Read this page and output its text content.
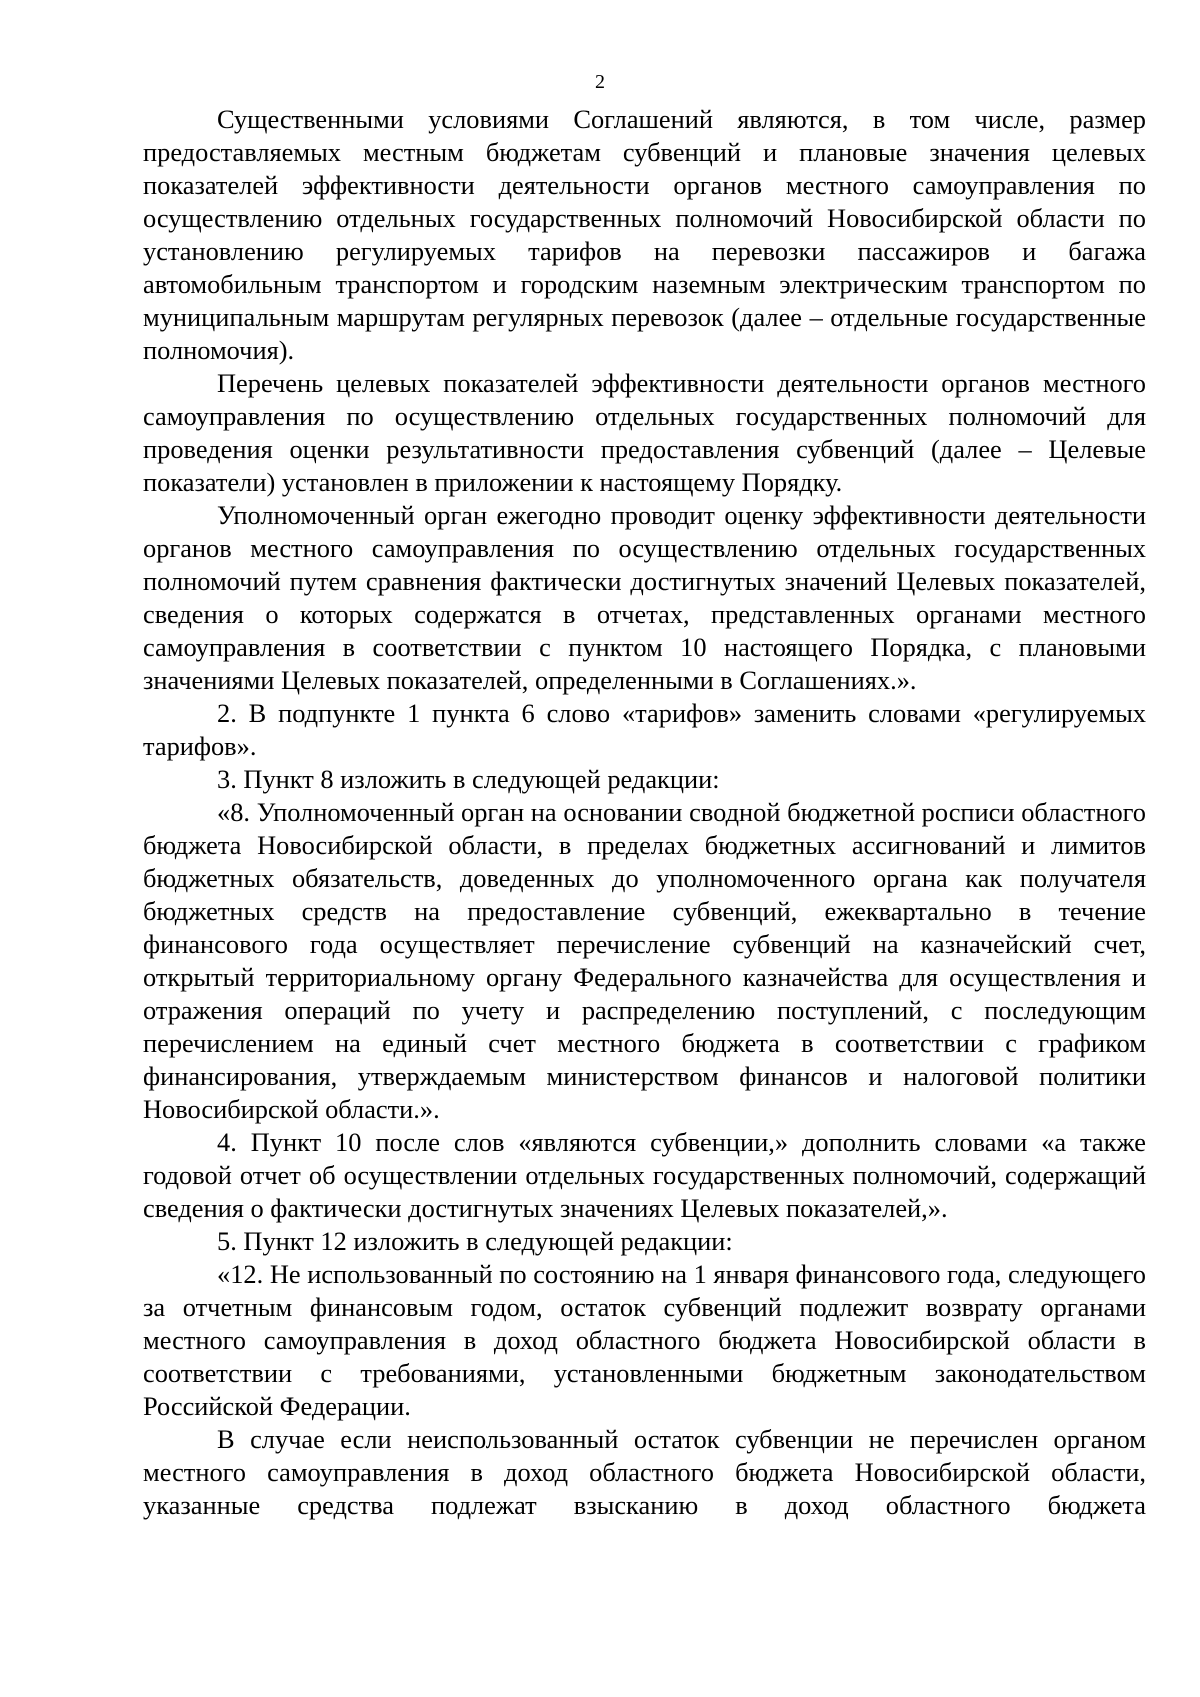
2

Существенными условиями Соглашений являются, в том числе, размер предоставляемых местным бюджетам субвенций и плановые значения целевых показателей эффективности деятельности органов местного самоуправления по осуществлению отдельных государственных полномочий Новосибирской области по установлению регулируемых тарифов на перевозки пассажиров и багажа автомобильным транспортом и городским наземным электрическим транспортом по муниципальным маршрутам регулярных перевозок (далее – отдельные государственные полномочия).

Перечень целевых показателей эффективности деятельности органов местного самоуправления по осуществлению отдельных государственных полномочий для проведения оценки результативности предоставления субвенций (далее – Целевые показатели) установлен в приложении к настоящему Порядку.

Уполномоченный орган ежегодно проводит оценку эффективности деятельности органов местного самоуправления по осуществлению отдельных государственных полномочий путем сравнения фактически достигнутых значений Целевых показателей, сведения о которых содержатся в отчетах, представленных органами местного самоуправления в соответствии с пунктом 10 настоящего Порядка, с плановыми значениями Целевых показателей, определенными в Соглашениях.».

2. В подпункте 1 пункта 6 слово «тарифов» заменить словами «регулируемых тарифов».

3. Пункт 8 изложить в следующей редакции:

«8. Уполномоченный орган на основании сводной бюджетной росписи областного бюджета Новосибирской области, в пределах бюджетных ассигнований и лимитов бюджетных обязательств, доведенных до уполномоченного органа как получателя бюджетных средств на предоставление субвенций, ежеквартально в течение финансового года осуществляет перечисление субвенций на казначейский счет, открытый территориальному органу Федерального казначейства для осуществления и отражения операций по учету и распределению поступлений, с последующим перечислением на единый счет местного бюджета в соответствии с графиком финансирования, утверждаемым министерством финансов и налоговой политики Новосибирской области.».

4. Пункт 10 после слов «являются субвенции,» дополнить словами «а также годовой отчет об осуществлении отдельных государственных полномочий, содержащий сведения о фактически достигнутых значениях Целевых показателей,».

5. Пункт 12 изложить в следующей редакции:

«12. Не использованный по состоянию на 1 января финансового года, следующего за отчетным финансовым годом, остаток субвенций подлежит возврату органами местного самоуправления в доход областного бюджета Новосибирской области в соответствии с требованиями, установленными бюджетным законодательством Российской Федерации.

В случае если неиспользованный остаток субвенции не перечислен органом местного самоуправления в доход областного бюджета Новосибирской области, указанные средства подлежат взысканию в доход областного бюджета
